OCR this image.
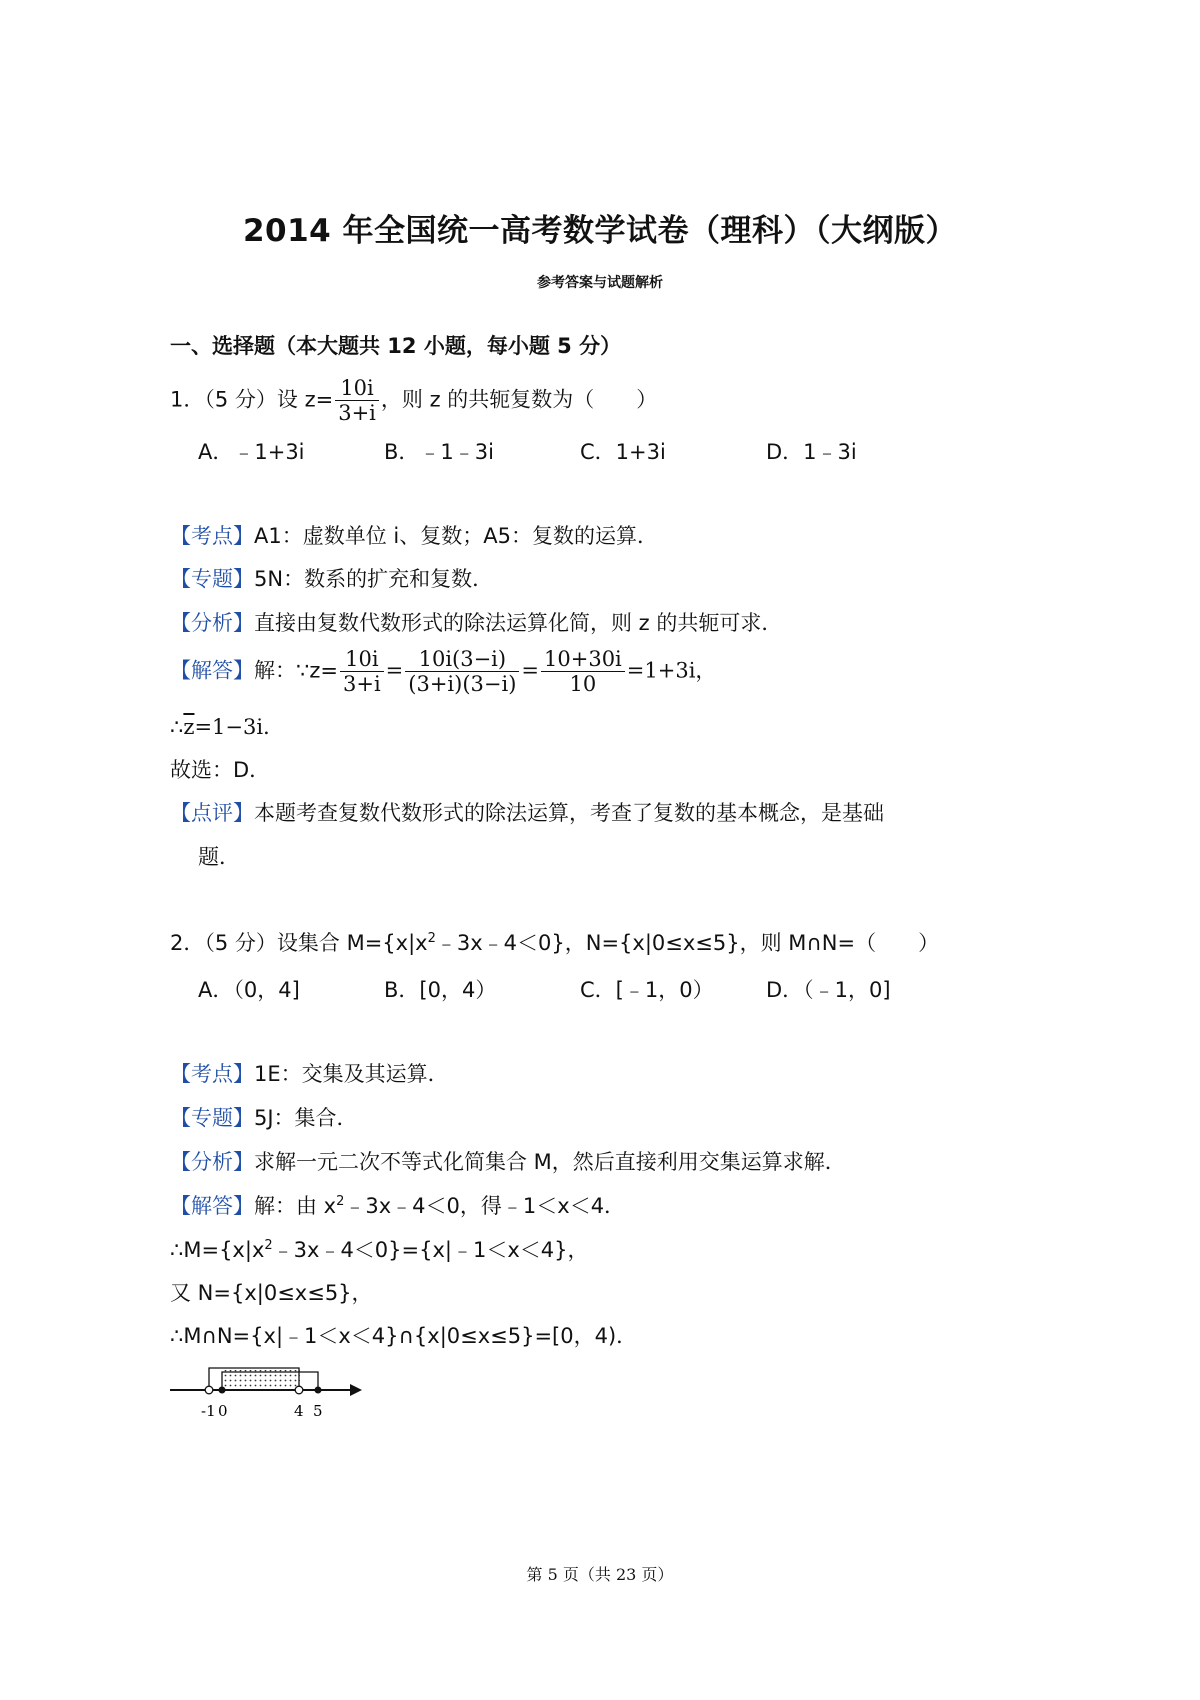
2014 年全国统一高考数学试卷（理科）（大纲版）
参考答案与试题解析
一、选择题（本大题共 12 小题，每小题 5 分）
1．（5 分）设 $z= \frac{10i}{3+i}$ ，则 z 的共轭复数为（　　）
A．﹣1+3i	B．﹣1﹣3i	C．1+3i	D．1﹣3i
【考点】A1：虚数单位 i、复数；A5：复数的运算．
【专题】5N：数系的扩充和复数．
【分析】直接由复数代数形式的除法运算化简，则 z 的共轭可求．
【解答】解：∵z= $\frac{10i}{3+i} = \frac{10i(3-i)}{(3+i)(3-i)} = \frac{10+30i}{10} =1+3i$，
$\therefore\overline{z}=1-3i$．
故选：D．
【点评】本题考查复数代数形式的除法运算，考查了复数的基本概念，是基础
题．
2．（5 分）设集合 $M=\{x|x^2﹣3x﹣4<0\}$，N={x|0≤x≤5}，则 M∩N=（　　）
A．（0，4]	B．[0，4）	C．[﹣1，0） D．（﹣1，0]
【考点】1E：交集及其运算．
【专题】5J：集合．
【分析】求解一元二次不等式化简集合 M，然后直接利用交集运算求解．
【解答】解：由 $x^2﹣3x﹣4<0$，得﹣1＜x＜4．
$\therefore M=\{x|x^2﹣3x﹣4<0\}=\{x|﹣1<x<4\}$，
又 N={x|0≤x≤5}，
∴M∩N={x|﹣1＜x＜4}∩{x|0≤x≤5}=[0，4)．
-1 0	4 5
第 5 页（共 23 页）
